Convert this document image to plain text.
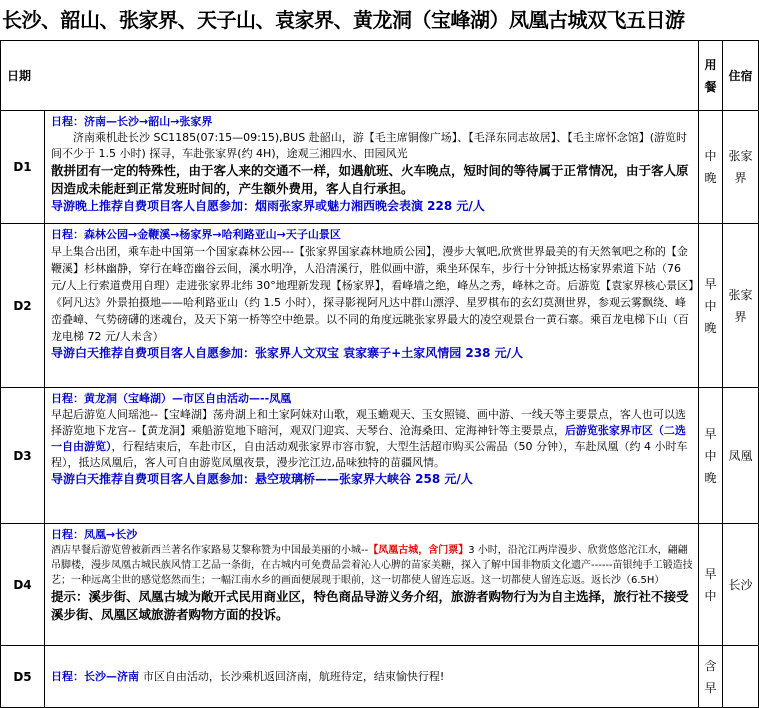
长沙、韶山、张家界、天子山、袁家界、黄龙洞（宝峰湖）凤凰古城双飞五日游
日期		用餐	住宿
D1	日程：济南—长沙→韶山→张家界
济南乘机赴长沙 SC1185(07:15—09:15),BUS 赴韶山，游【毛主席铜像广场】、【毛泽东同志故居】、【毛主席怀念馆】(游览时间不少于 1.5 小时) 探寻，车赴张家界(约 4H)，途观三湘四水、田园风光
散拼团有一定的特殊性，由于客人来的交通不一样，如遇航班、火车晚点，短时间的等待属于正常情况，由于客人原因造成未能赶到正常发班时间的，产生额外费用，客人自行承担。
导游晚上推荐自费项目客人自愿参加：烟雨张家界或魅力湘西晚会表演 228 元/人	中晚	张家界
D2	日程：森林公园→金鞭溪→杨家界→哈利路亚山→天子山景区
早上集合出团，乘车赴中国第一个国家森林公园---【张家界国家森林地质公园】，漫步大氧吧,欣赏世界最美的有天然氧吧之称的【金鞭溪】杉林幽静，穿行在峰峦幽谷云间，溪水明净，人沿清溪行，胜似画中游，乘坐环保车，步行十分钟抵达杨家界索道下站（76 元/人上行索道费用自理）走进张家界北纬 30°地理新发现【杨家界】，看峰墙之绝，峰丛之秀，峰林之奇。后游览【袁家界核心景区】《阿凡达》外景拍摄地——哈利路亚山（约 1.5 小时），探寻影视阿凡达中群山漂浮、星罗棋布的玄幻莫测世界，参观云雾飘绕、峰峦叠嶂、气势磅礴的迷魂台，及天下第一桥等空中绝景。以不同的角度远眺张家界最大的凌空观景台一黄石寨。乘百龙电梯下山（百龙电梯 72 元/人未含）
导游白天推荐自费项目客人自愿参加：张家界人文双宝 袁家寨子+土家风情园 238 元/人	早中晚	张家界
D3	日程：黄龙洞（宝峰湖）—市区自由活动—--凤凰
早起后游览人间瑶池--【宝峰湖】荡舟湖上和土家阿妹对山歌，观玉蟾观天、玉女照镜、画中游、一线天等主要景点，客人也可以选择游览地下龙宫--【黄龙洞】乘船游览地下暗河，观双门迎宾、天琴台、沧海桑田、定海神针等主要景点，后游览张家界市区（二选一自由游览），行程结束后，车赴市区，自由活动观张家界市容市貌，大型生活超市购买公需品（50 分钟），车赴凤凰（约 4 小时车程），抵达凤凰后，客人可自由游览凤凰夜景，漫步沱江边,品味独特的苗疆风情。
导游白天推荐自费项目客人自愿参加：悬空玻璃桥——张家界大峡谷 258 元/人	早中晚	凤凰
D4	日程：凤凰→长沙
酒店早餐后游览曾被新西兰著名作家路易艾黎称赞为中国最美丽的小城--【凤凰古城，含门票】3 小时，沿沱江两岸漫步、欣赏悠悠沱江水，翩翩吊脚楼，漫步凤凰古城民族风情工艺品一条街，在古城内可免费品尝着沁人心脾的苗家美糖，探入了解中国非物质文化遗产------苗银纯手工锻造技艺；一种远离尘世的感觉悠然而生；一幅江南水乡的画面便展现于眼前，这一切都使人留连忘返。这一切都使人留连忘返。返长沙（6.5H）
提示：溪步街、凤凰古城为敞开式民用商业区，特色商品导游义务介绍，旅游者购物行为为自主选择，旅行社不接受溪步街、凤凰区域旅游者购物方面的投诉。	早中	长沙
D5	日程：长沙—济南 市区自由活动，长沙乘机返回济南，航班待定，结束愉快行程!	含早	
